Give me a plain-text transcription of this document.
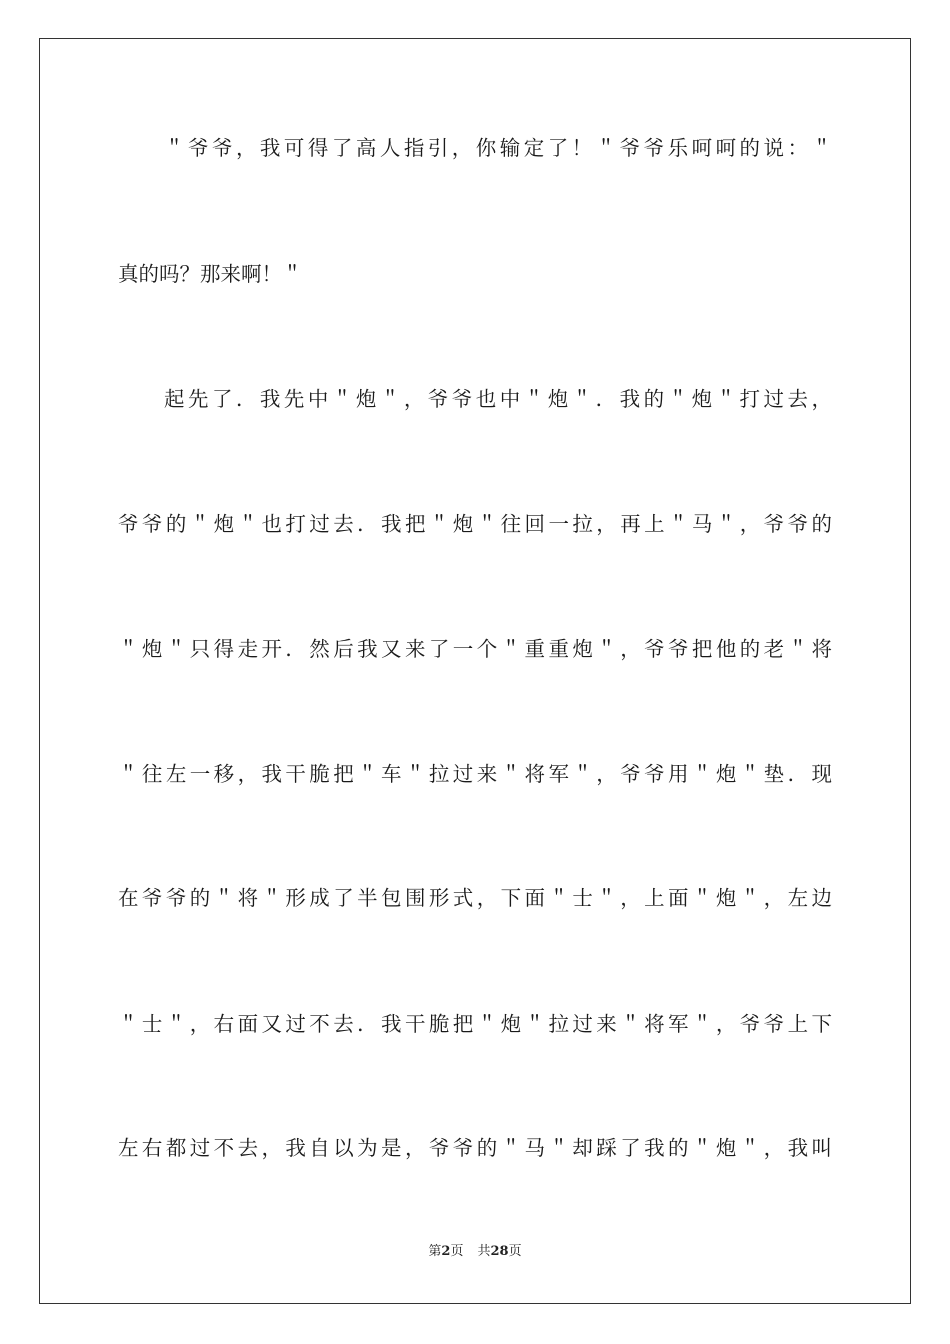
＂爷爷，我可得了高人指引，你输定了！＂爷爷乐呵呵的说：＂
真的吗？那来啊！＂
起先了．我先中＂炮＂，爷爷也中＂炮＂．我的＂炮＂打过去，
爷爷的＂炮＂也打过去．我把＂炮＂往回一拉，再上＂马＂，爷爷的
＂炮＂只得走开．然后我又来了一个＂重重炮＂，爷爷把他的老＂将
＂往左一移，我干脆把＂车＂拉过来＂将军＂，爷爷用＂炮＂垫．现
在爷爷的＂将＂形成了半包围形式，下面＂士＂，上面＂炮＂，左边
＂士＂，右面又过不去．我干脆把＂炮＂拉过来＂将军＂，爷爷上下
左右都过不去，我自以为是，爷爷的＂马＂却踩了我的＂炮＂，我叫
第2页 共28页
